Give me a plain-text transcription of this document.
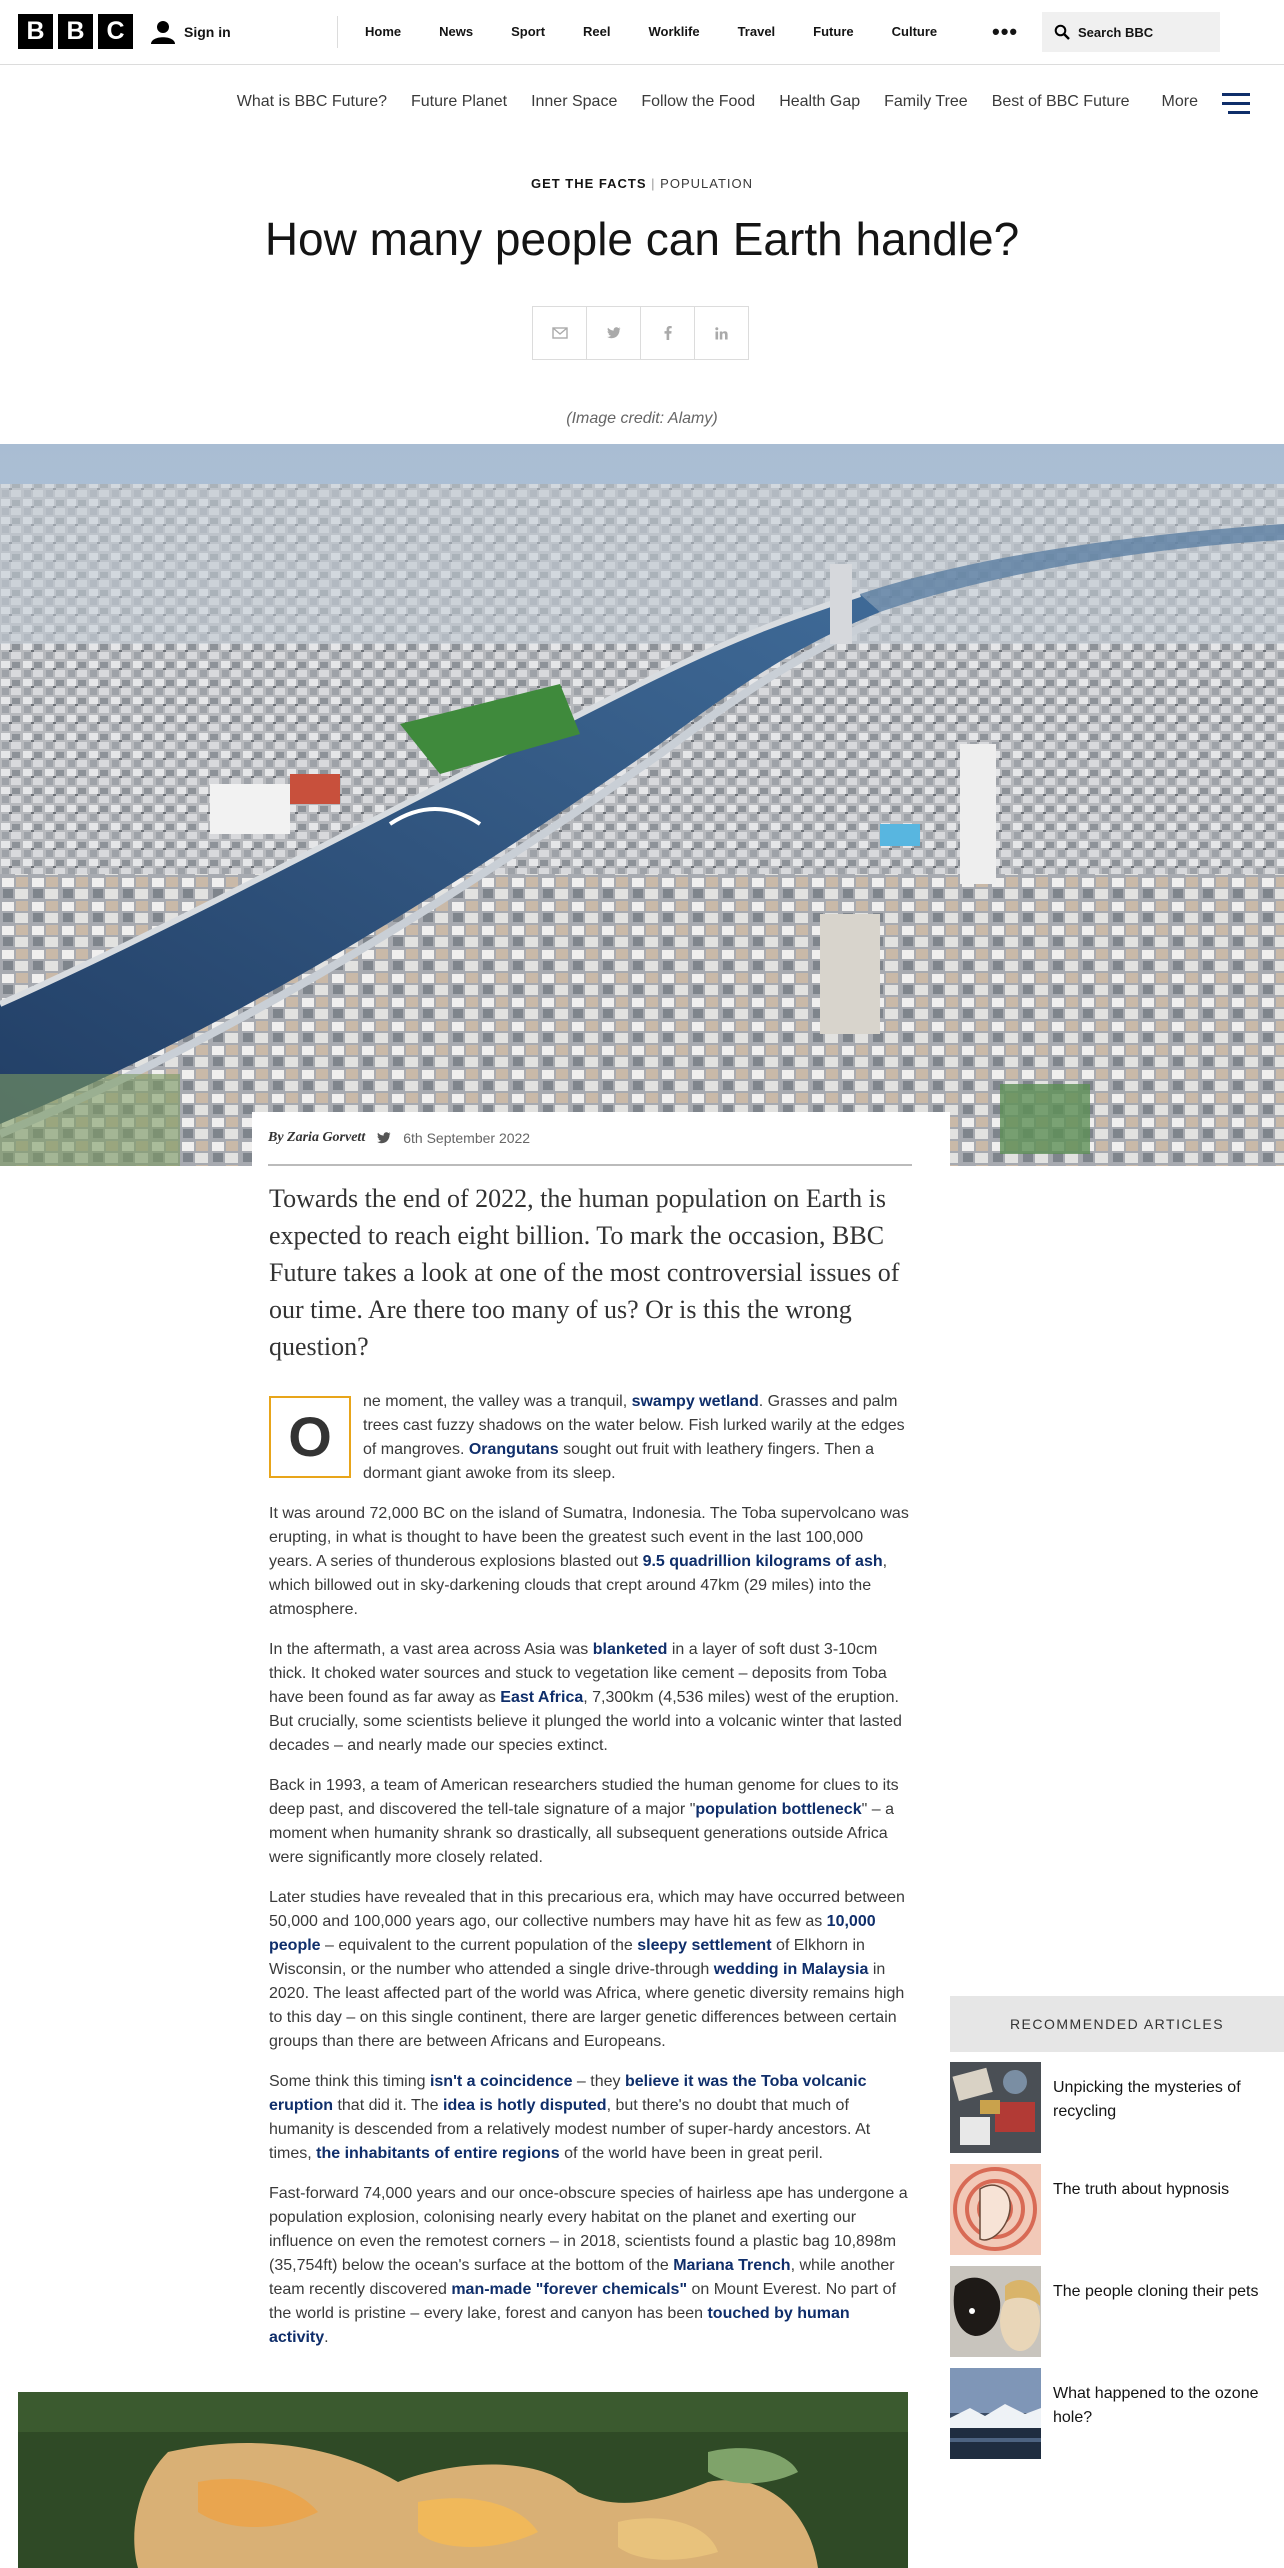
B B C	Sign in	Home	News	Sport	Reel	Worklife	Travel	Future	Culture	•••	Search BBC
What is BBC Future?	Future Planet	Inner Space	Follow the Food	Health Gap	Family Tree	Best of BBC Future	More
GET THE FACTS | POPULATION
How many people can Earth handle?
(Image credit: Alamy)
By Zaria Gorvett	6th September 2022

Towards the end of 2022, the human population on Earth is expected to reach eight billion. To mark the occasion, BBC Future takes a look at one of the most controversial issues of our time. Are there too many of us? Or is this the wrong question?

O
ne moment, the valley was a tranquil, swampy wetland. Grasses and palm trees cast fuzzy shadows on the water below. Fish lurked warily at the edges of mangroves. Orangutans sought out fruit with leathery fingers. Then a dormant giant awoke from its sleep.

It was around 72,000 BC on the island of Sumatra, Indonesia. The Toba supervolcano was erupting, in what is thought to have been the greatest such event in the last 100,000 years. A series of thunderous explosions blasted out 9.5 quadrillion kilograms of ash, which billowed out in sky-darkening clouds that crept around 47km (29 miles) into the atmosphere.

In the aftermath, a vast area across Asia was blanketed in a layer of soft dust 3-10cm thick. It choked water sources and stuck to vegetation like cement – deposits from Toba have been found as far away as East Africa, 7,300km (4,536 miles) west of the eruption. But crucially, some scientists believe it plunged the world into a volcanic winter that lasted decades – and nearly made our species extinct.

Back in 1993, a team of American researchers studied the human genome for clues to its deep past, and discovered the tell-tale signature of a major "population bottleneck" – a moment when humanity shrank so drastically, all subsequent generations outside Africa were significantly more closely related.

Later studies have revealed that in this precarious era, which may have occurred between 50,000 and 100,000 years ago, our collective numbers may have hit as few as 10,000 people – equivalent to the current population of the sleepy settlement of Elkhorn in Wisconsin, or the number who attended a single drive-through wedding in Malaysia in 2020. The least affected part of the world was Africa, where genetic diversity remains high to this day – on this single continent, there are larger genetic differences between certain groups than there are between Africans and Europeans.

Some think this timing isn't a coincidence – they believe it was the Toba volcanic eruption that did it. The idea is hotly disputed, but there's no doubt that much of humanity is descended from a relatively modest number of super-hardy ancestors. At times, the inhabitants of entire regions of the world have been in great peril.

Fast-forward 74,000 years and our once-obscure species of hairless ape has undergone a population explosion, colonising nearly every habitat on the planet and exerting our influence on even the remotest corners – in 2018, scientists found a plastic bag 10,898m (35,754ft) below the ocean's surface at the bottom of the Mariana Trench, while another team recently discovered man-made "forever chemicals" on Mount Everest. No part of the world is pristine – every lake, forest and canyon has been touched by human activity.

RECOMMENDED ARTICLES
Unpicking the mysteries of recycling
The truth about hypnosis
The people cloning their pets
What happened to the ozone hole?
